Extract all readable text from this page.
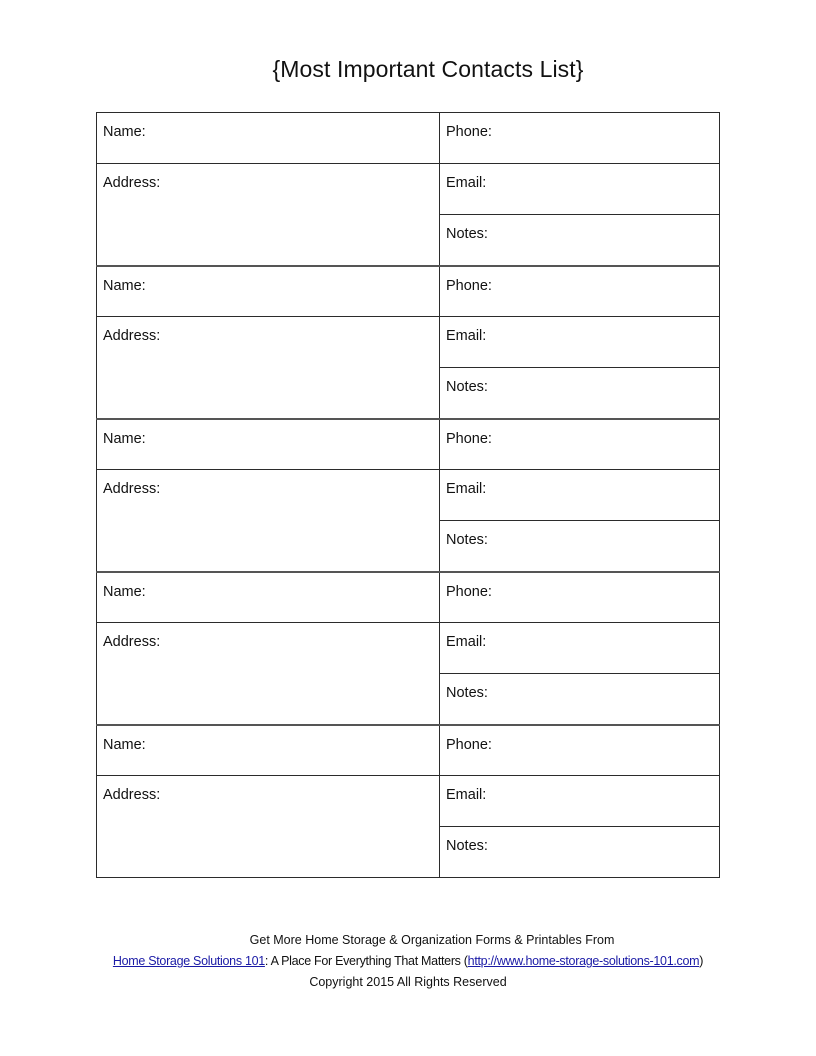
{Most Important Contacts List}
Name:	Phone:
Address:	Email:
	Notes:
Name:	Phone:
Address:	Email:
	Notes:
Name:	Phone:
Address:	Email:
	Notes:
Name:	Phone:
Address:	Email:
	Notes:
Name:	Phone:
Address:	Email:
	Notes:
Get More Home Storage & Organization Forms & Printables From
Home Storage Solutions 101: A Place For Everything That Matters (http://www.home-storage-solutions-101.com)
Copyright 2015 All Rights Reserved
